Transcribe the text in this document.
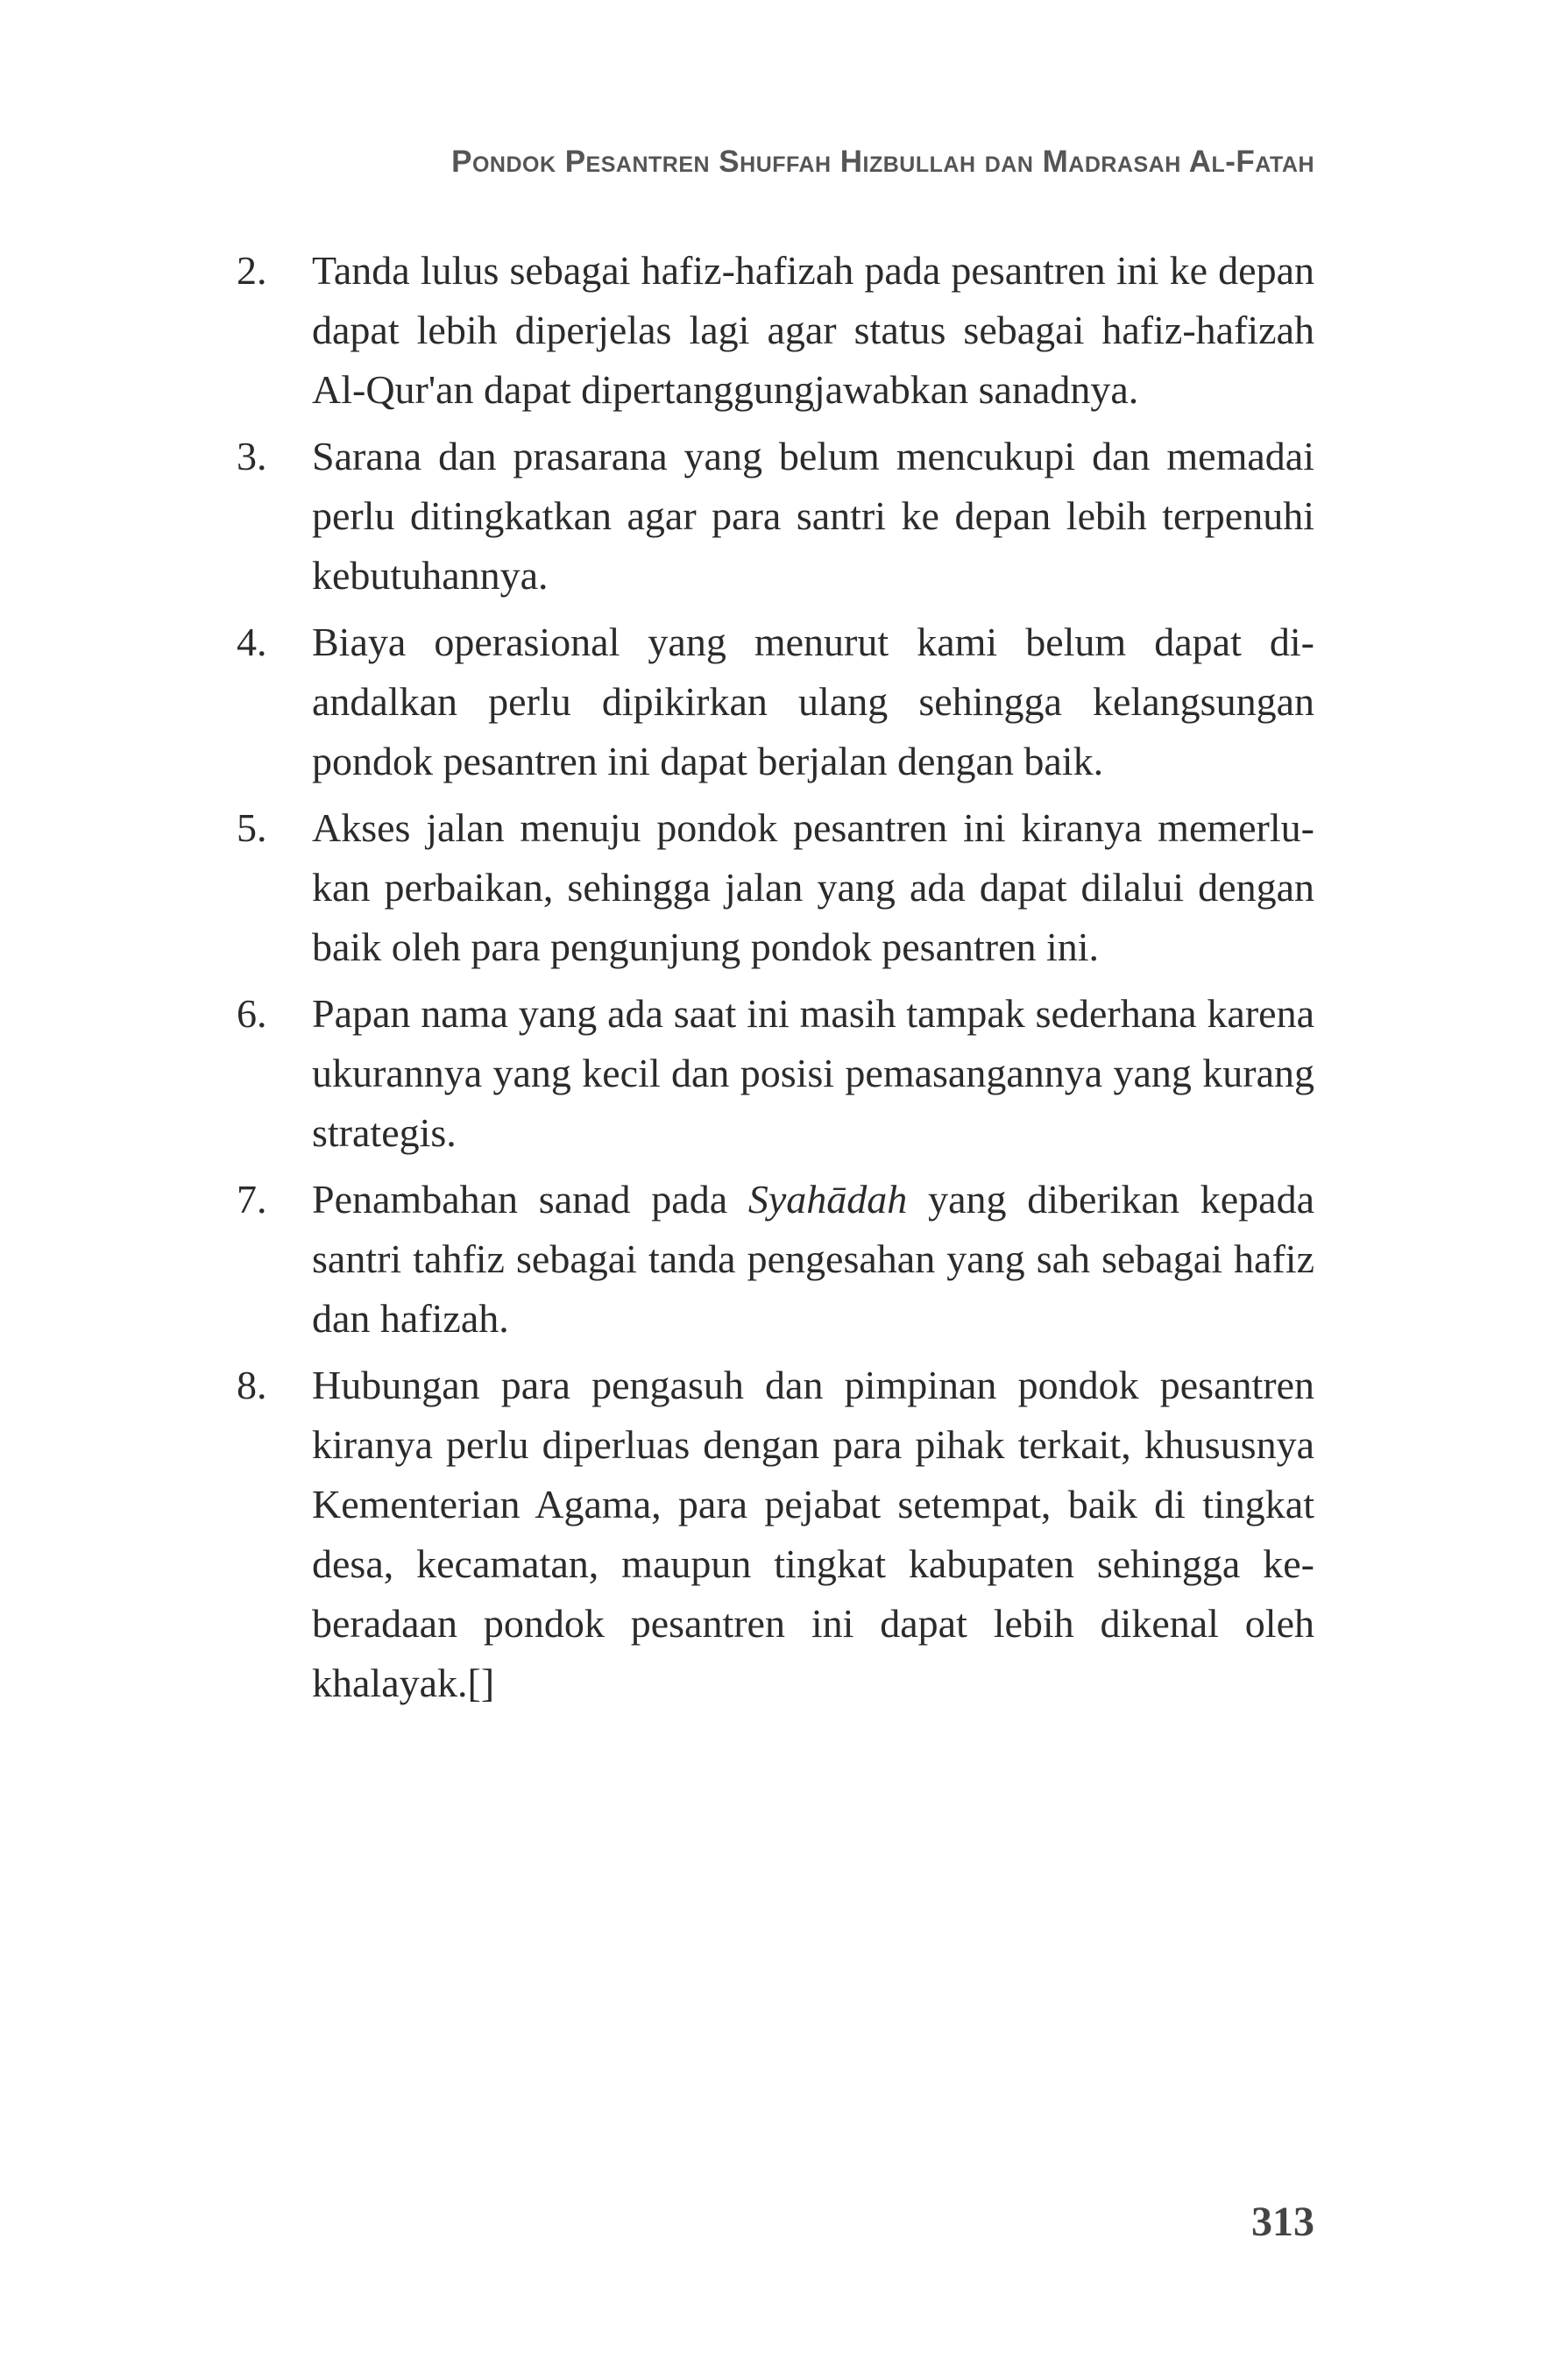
Pondok Pesantren Shuffah Hizbullah dan Madrasah Al-Fatah
2.	Tanda lulus sebagai hafiz-hafizah pada pesantren ini ke depan dapat lebih diperjelas lagi agar status sebagai hafiz-hafizah Al-Qur'an dapat dipertanggungjawabkan sanadnya.
3.	Sarana dan prasarana yang belum mencukupi dan memadai perlu ditingkatkan agar para santri ke depan lebih terpenuhi kebutuhannya.
4.	Biaya operasional yang menurut kami belum dapat diandalkan perlu dipikirkan ulang sehingga kelangsungan pondok pesantren ini dapat berjalan dengan baik.
5.	Akses jalan menuju pondok pesantren ini kiranya memerlukan perbaikan, sehingga jalan yang ada dapat dilalui dengan baik oleh para pengunjung pondok pesantren ini.
6.	Papan nama yang ada saat ini masih tampak sederhana karena ukurannya yang kecil dan posisi pemasangannya yang kurang strategis.
7.	Penambahan sanad pada Syahādah yang diberikan kepada santri tahfiz sebagai tanda pengesahan yang sah sebagai hafiz dan hafizah.
8.	Hubungan para pengasuh dan pimpinan pondok pesantren kiranya perlu diperluas dengan para pihak terkait, khususnya Kementerian Agama, para pejabat setempat, baik di tingkat desa, kecamatan, maupun tingkat kabupaten sehingga keberadaan pondok pesantren ini dapat lebih dikenal oleh khalayak.[]
313
